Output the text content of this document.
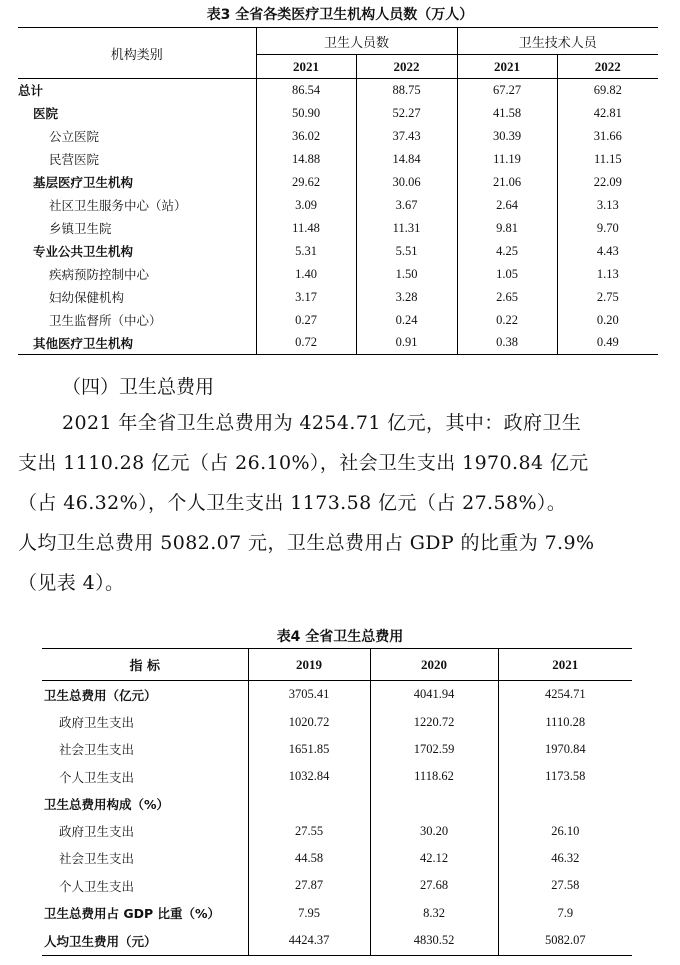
表3 全省各类医疗卫生机构人员数（万人）
机构类别	卫生人员数		卫生技术人员	
	2021	2022	2021	2022
总计	86.54	88.75	67.27	69.82
医院	50.90	52.27	41.58	42.81
公立医院	36.02	37.43	30.39	31.66
民营医院	14.88	14.84	11.19	11.15
基层医疗卫生机构	29.62	30.06	21.06	22.09
社区卫生服务中心（站）	3.09	3.67	2.64	3.13
乡镇卫生院	11.48	11.31	9.81	9.70
专业公共卫生机构	5.31	5.51	4.25	4.43
疾病预防控制中心	1.40	1.50	1.05	1.13
妇幼保健机构	3.17	3.28	2.65	2.75
卫生监督所（中心）	0.27	0.24	0.22	0.20
其他医疗卫生机构	0.72	0.91	0.38	0.49
（四）卫生总费用
2021 年全省卫生总费用为 4254.71 亿元，其中：政府卫生
支出 1110.28 亿元（占 26.10%），社会卫生支出 1970.84 亿元
（占 46.32%），个人卫生支出 1173.58 亿元（占 27.58%）。
人均卫生总费用 5082.07 元，卫生总费用占 GDP 的比重为 7.9%
（见表 4）。
表4 全省卫生总费用
指 标	2019	2020	2021
卫生总费用（亿元）	3705.41	4041.94	4254.71
政府卫生支出	1020.72	1220.72	1110.28
社会卫生支出	1651.85	1702.59	1970.84
个人卫生支出	1032.84	1118.62	1173.58
卫生总费用构成（%）			
政府卫生支出	27.55	30.20	26.10
社会卫生支出	44.58	42.12	46.32
个人卫生支出	27.87	27.68	27.58
卫生总费用占 GDP 比重（%）	7.95	8.32	7.9
人均卫生费用（元）	4424.37	4830.52	5082.07
